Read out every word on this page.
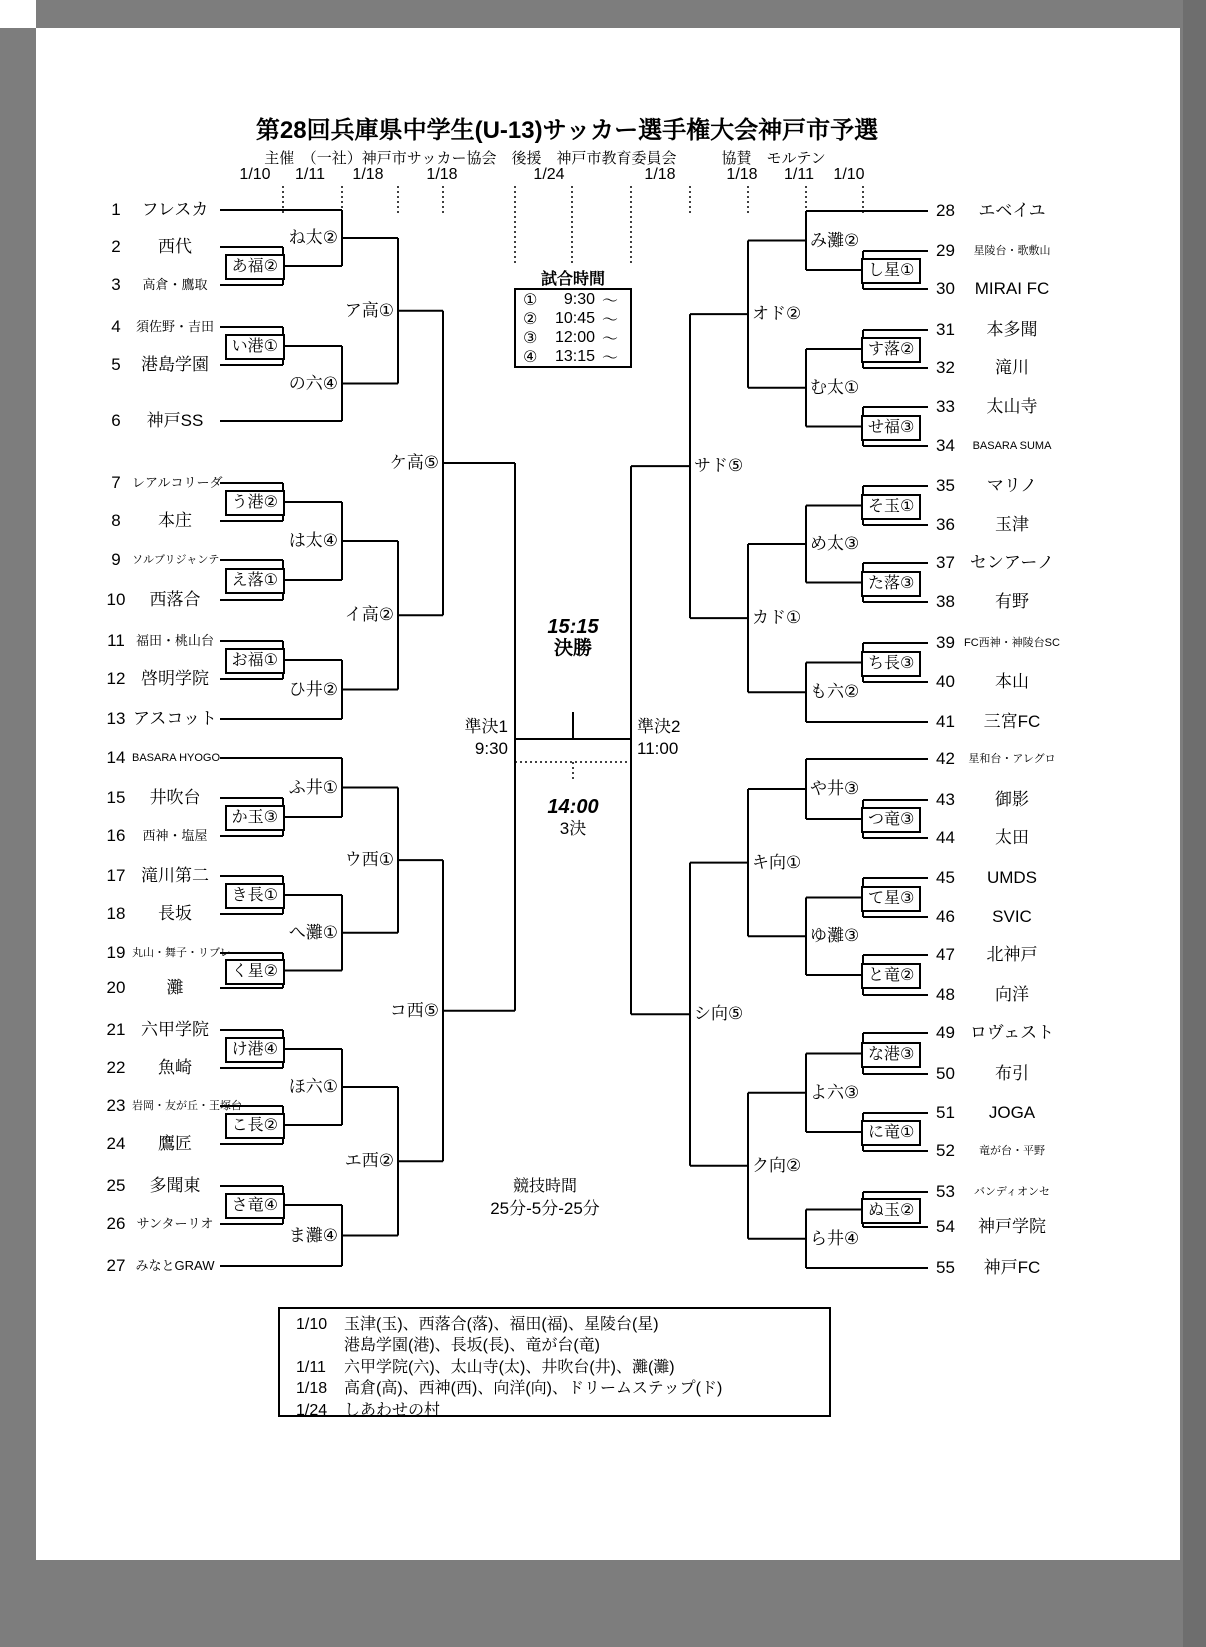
第28回兵庫県中学生(U-13)サッカー選手権大会神戸市予選
主催　（一社）神戸市サッカー協会　後援　神戸市教育委員会　　　協賛　モルテン
1/10	1/11	1/18	1/18	1/24	1/18	1/18	1/11	1/10
1	フレスカ
2	西代
3	高倉・鷹取
4	須佐野・吉田
5	港島学園
6	神戸SS
7 レアルコリーダ
8	本庄
9	ソルブリジャンテ
10	西落合
11 福田・桃山台
12 啓明学院
13 アスコット
14 BASARA HYOGO
15	井吹台
16	西神・塩屋
17 滝川第二
18	長坂
19 丸山・舞子・リブレ
20	灘
21 六甲学院
22	魚崎
23 岩岡・友が丘・王塚台
24	鷹匠
25	多聞東
26 サンターリオ
27 みなとGRAW
28	エベイユ
29	星陵台・歌敷山
30	MIRAI FC
31	本多聞
32	滝川
33	太山寺
34	BASARA SUMA
35	マリノ
36	玉津
37 センアーノ
38	有野
39 FC西神・神陵台SC
40	本山
41	三宮FC
42	星和台・アレグロ
43	御影
44	太田
45	UMDS
46	SVIC
47	北神戸
48	向洋
49 ロヴェスト
50	布引
51	JOGA
52	竜が台・平野
53	バンディオンセ
54	神戸学院
55	神戸FC
あ福②
い港①
う港②
え落①
お福①
か玉③
き長①
く星②
け港④
こ長②
さ竜④
ね太②
の六④
は太④
ひ井②
ふ井①
へ灘①
ほ六①
ま灘④
ア高①
イ高②
ウ西①
エ西②
ケ高⑤
コ西⑤
し星①
す落②
せ福③
そ玉①
た落③
ち長③
つ竜③
て星③
と竜②
な港③
に竜①
ぬ玉②
み灘②
む太①
め太③
も六②
や井③
ゆ灘③
よ六③
ら井④
オド②
カド①
キ向①
ク向②
サド⑤
シ向⑤
試合時間
①	9:30 ～
②	10:45 ～
③	12:00 ～
④	13:15 ～
15:15
決勝
準決1
9:30
準決2
11:00
14:00
3決
競技時間
25分-5分-25分
1/10 玉津(玉)、西落合(落)、福田(福)、星陵台(星)
港島学園(港)、長坂(長)、竜が台(竜)
1/11 六甲学院(六)、太山寺(太)、井吹台(井)、灘(灘)
1/18 高倉(高)、西神(西)、向洋(向)、ドリームステップ(ド)
1/24 しあわせの村
